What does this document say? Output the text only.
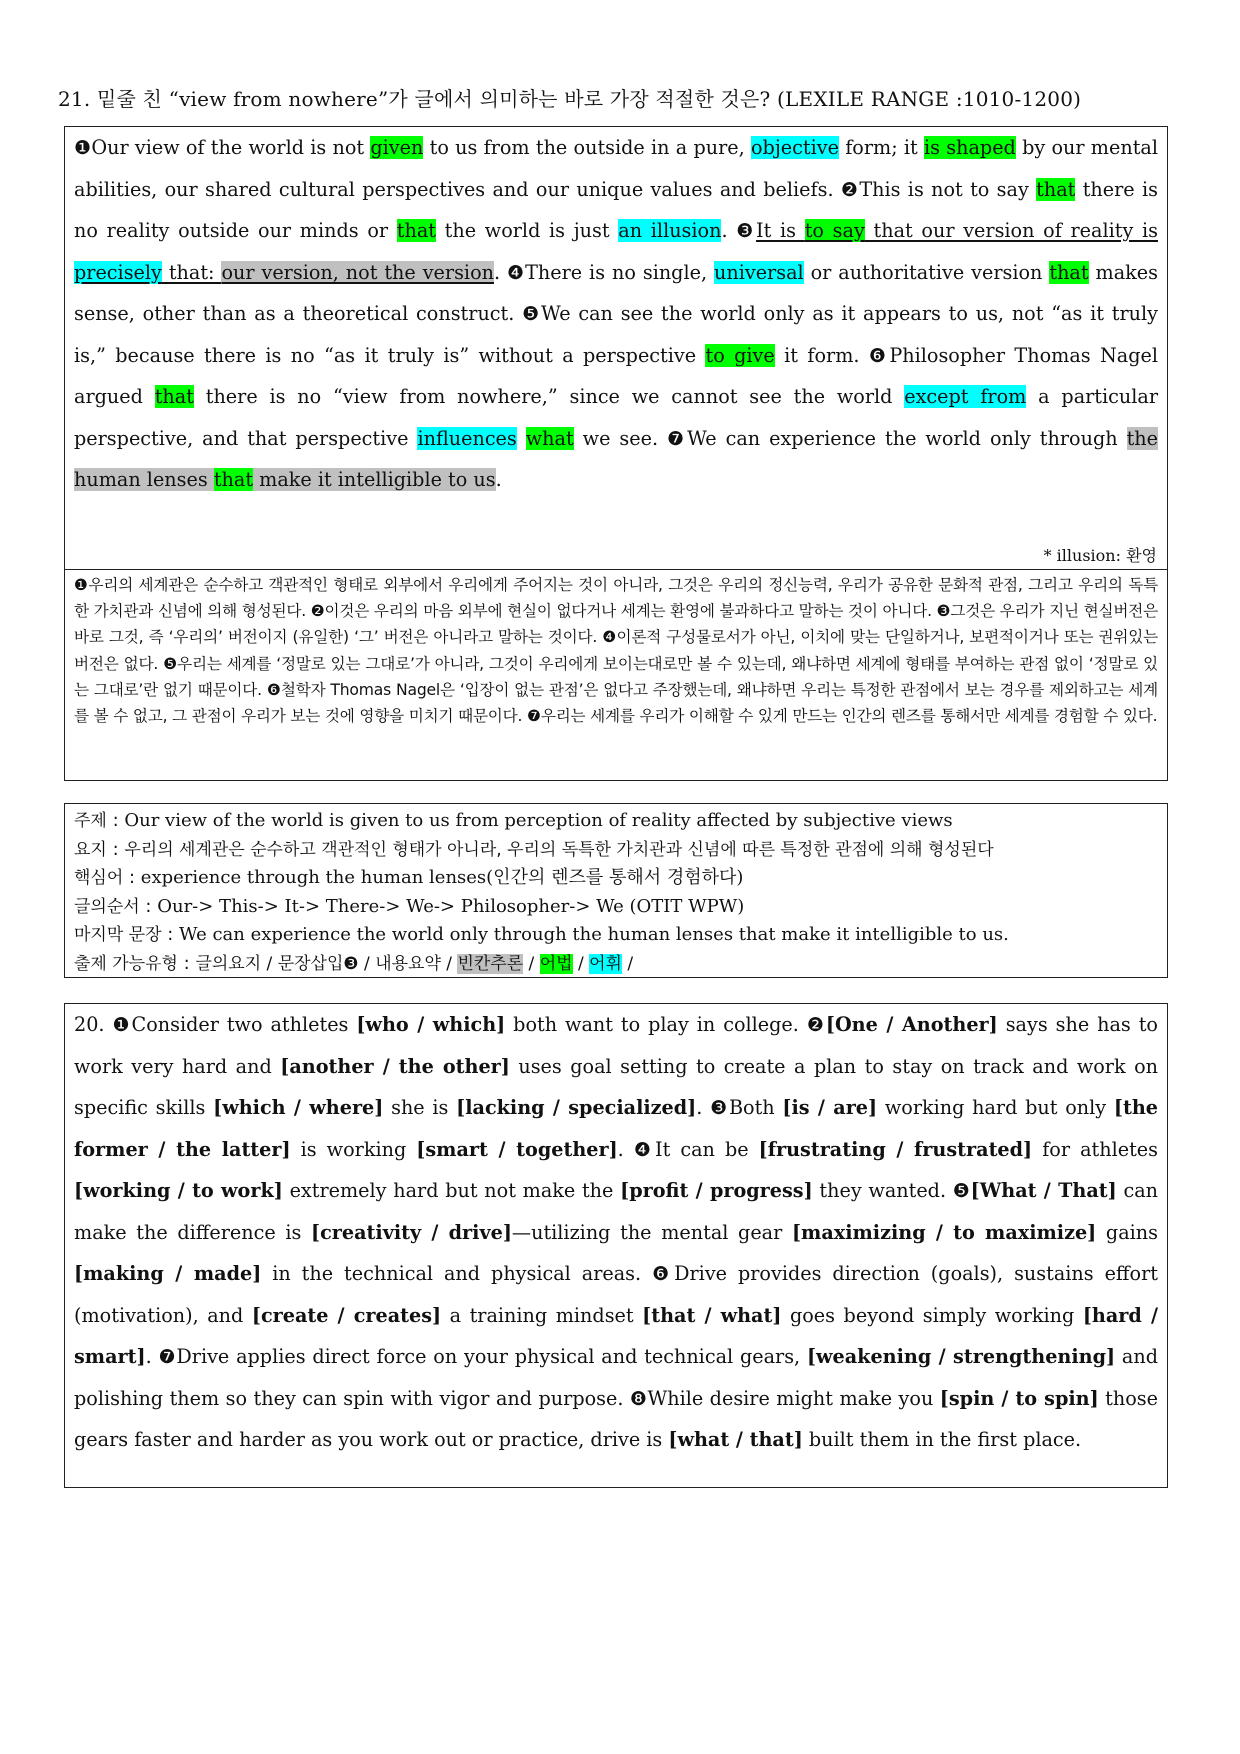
21. 밑줄 친 “view from nowhere”가 글에서 의미하는 바로 가장 적절한 것은? (LEXILE RANGE :1010-1200)

❶Our view of the world is not given to us from the outside in a pure, objective form; it is shaped by our mental abilities, our shared cultural perspectives and our unique values and beliefs. ❷This is not to say that there is no reality outside our minds or that the world is just an illusion. ❸It is to say that our version of reality is precisely that: our version, not the version. ❹There is no single, universal or authoritative version that makes sense, other than as a theoretical construct. ❺We can see the world only as it appears to us, not “as it truly is,” because there is no “as it truly is” without a perspective to give it form. ❻Philosopher Thomas Nagel argued that there is no “view from nowhere,” since we cannot see the world except from a particular perspective, and that perspective influences what we see. ❼We can experience the world only through the human lenses that make it intelligible to us.

* illusion: 환영
❶우리의 세계관은 순수하고 객관적인 형태로 외부에서 우리에게 주어지는 것이 아니라, 그것은 우리의 정신능력, 우리가 공유한 문화적 관점, 그리고 우리의 독특한 가치관과 신념에 의해 형성된다. ❷이것은 우리의 마음 외부에 현실이 없다거나 세계는 환영에 불과하다고 말하는 것이 아니다. ❸그것은 우리가 지닌 현실버전은 바로 그것, 즉 ‘우리의’ 버전이지 (유일한) ‘그’ 버전은 아니라고 말하는 것이다. ❹이론적 구성물로서가 아닌, 이치에 맞는 단일하거나, 보편적이거나 또는 권위있는 버전은 없다. ❺우리는 세계를 ‘정말로 있는 그대로’가 아니라, 그것이 우리에게 보이는대로만 볼 수 있는데, 왜냐하면 세계에 형태를 부여하는 관점 없이 ‘정말로 있는 그대로’란 없기 때문이다. ❻철학자 Thomas Nagel은 ‘입장이 없는 관점’은 없다고 주장했는데, 왜냐하면 우리는 특정한 관점에서 보는 경우를 제외하고는 세계를 볼 수 없고, 그 관점이 우리가 보는 것에 영향을 미치기 때문이다. ❼우리는 세계를 우리가 이해할 수 있게 만드는 인간의 렌즈를 통해서만 세계를 경험할 수 있다.
주제 : Our view of the world is given to us from perception of reality affected by subjective views
요지 : 우리의 세계관은 순수하고 객관적인 형태가 아니라, 우리의 독특한 가치관과 신념에 따른 특정한 관점에 의해 형성된다
핵심어 : experience through the human lenses(인간의 렌즈를 통해서 경험하다)
글의순서 : Our-> This-> It-> There-> We-> Philosopher-> We (OTIT WPW)
마지막 문장 : We can experience the world only through the human lenses that make it intelligible to us.
출제 가능유형 : 글의요지 / 문장삽입❸ / 내용요약 / 빈칸추론 / 어법 / 어휘 /

20. ❶Consider two athletes [who / which] both want to play in college. ❷[One / Another] says she has to work very hard and [another / the other] uses goal setting to create a plan to stay on track and work on specific skills [which / where] she is [lacking / specialized]. ❸Both [is / are] working hard but only [the former / the latter] is working [smart / together]. ❹It can be [frustrating / frustrated] for athletes [working / to work] extremely hard but not make the [profit / progress] they wanted. ❺[What / That] can make the difference is [creativity / drive]—utilizing the mental gear [maximizing / to maximize] gains [making / made] in the technical and physical areas. ❻Drive provides direction (goals), sustains effort (motivation), and [create / creates] a training mindset [that / what] goes beyond simply working [hard / smart]. ❼Drive applies direct force on your physical and technical gears, [weakening / strengthening] and polishing them so they can spin with vigor and purpose. ❽While desire might make you [spin / to spin] those gears faster and harder as you work out or practice, drive is [what / that] built them in the first place.
